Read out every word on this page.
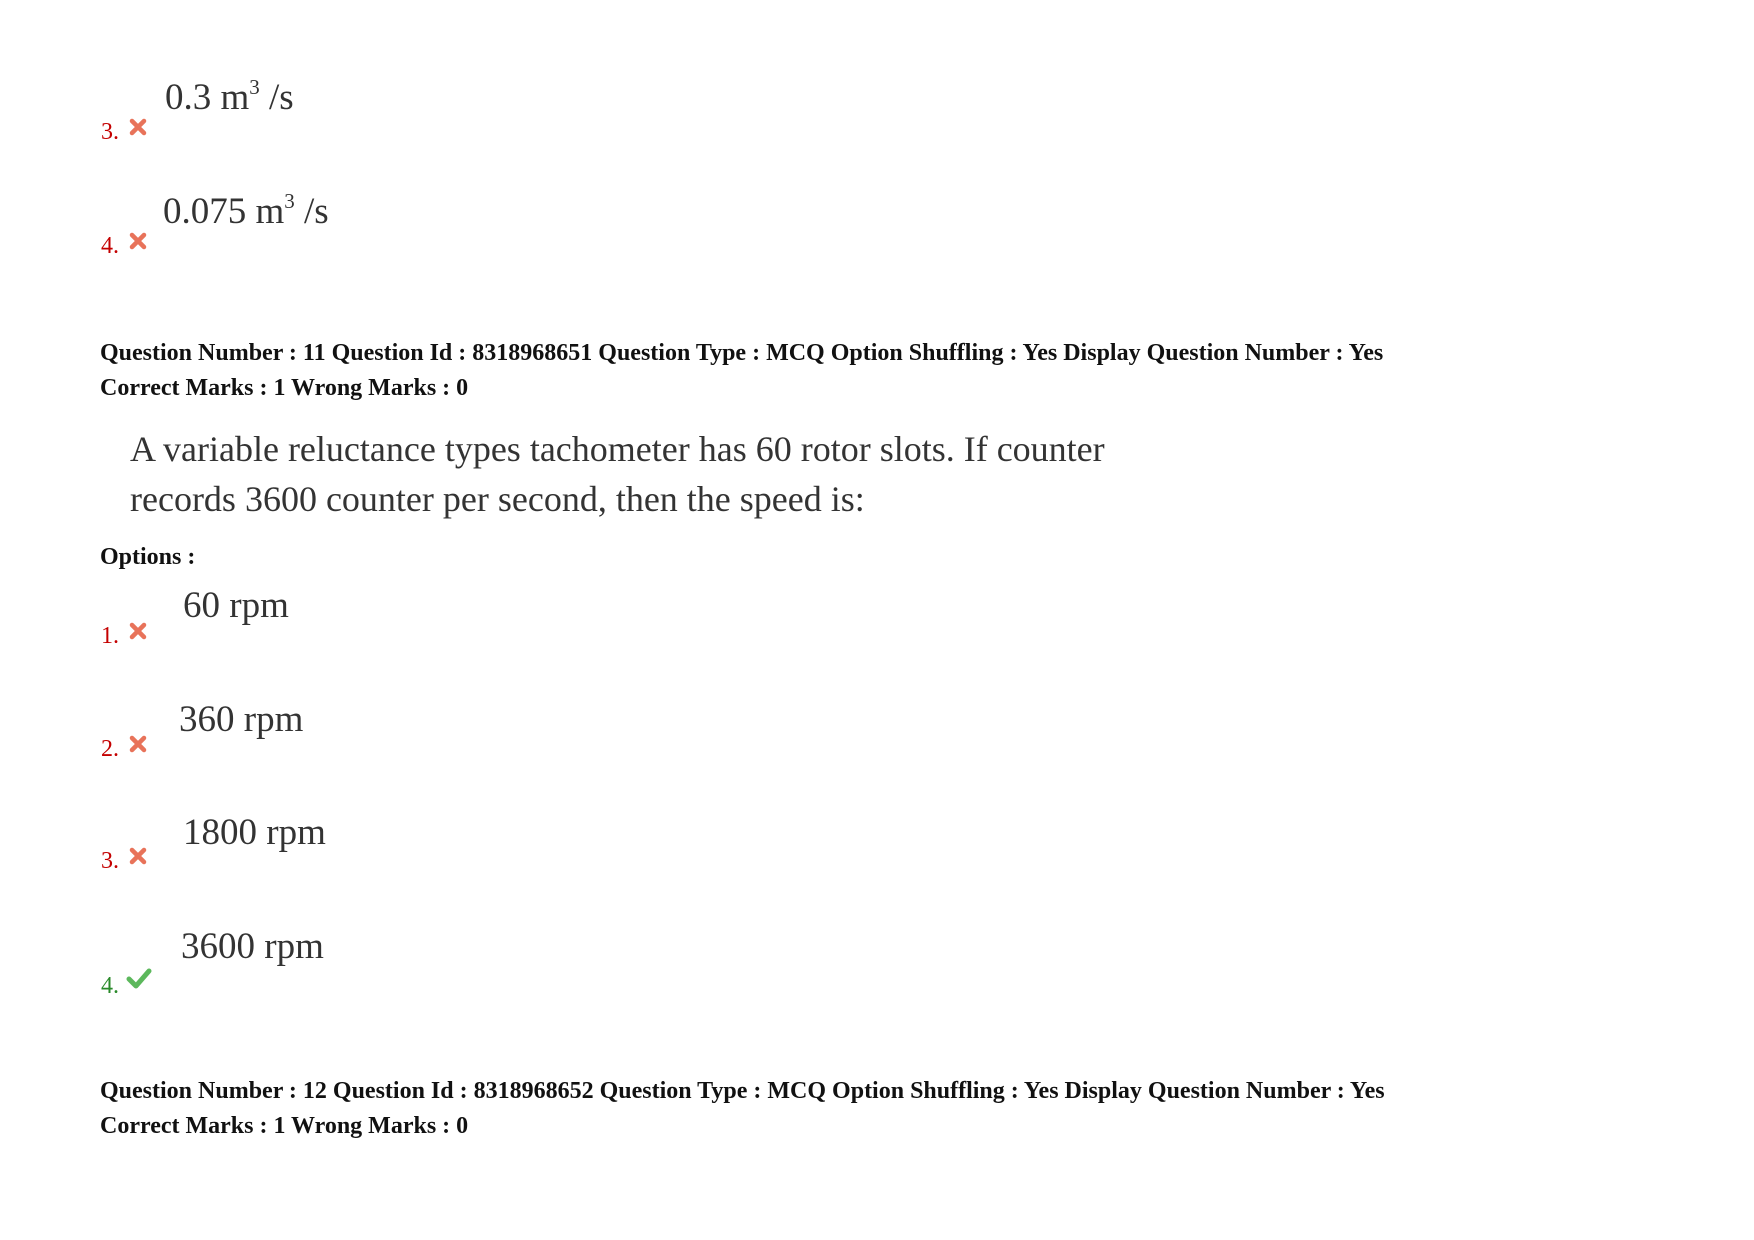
0.3 $m^3$ /s
3.
0.075 $m^3$ /s
4.
Question Number : 11 Question Id : 8318968651 Question Type : MCQ Option Shuffling : Yes Display Question Number : Yes
Correct Marks : 1 Wrong Marks : 0
A variable reluctance types tachometer has 60 rotor slots. If counter
records 3600 counter per second, then the speed is:
Options :
60 rpm
1.
360 rpm
2.
1800 rpm
3.
3600 rpm
4.
Question Number : 12 Question Id : 8318968652 Question Type : MCQ Option Shuffling : Yes Display Question Number : Yes
Correct Marks : 1 Wrong Marks : 0
